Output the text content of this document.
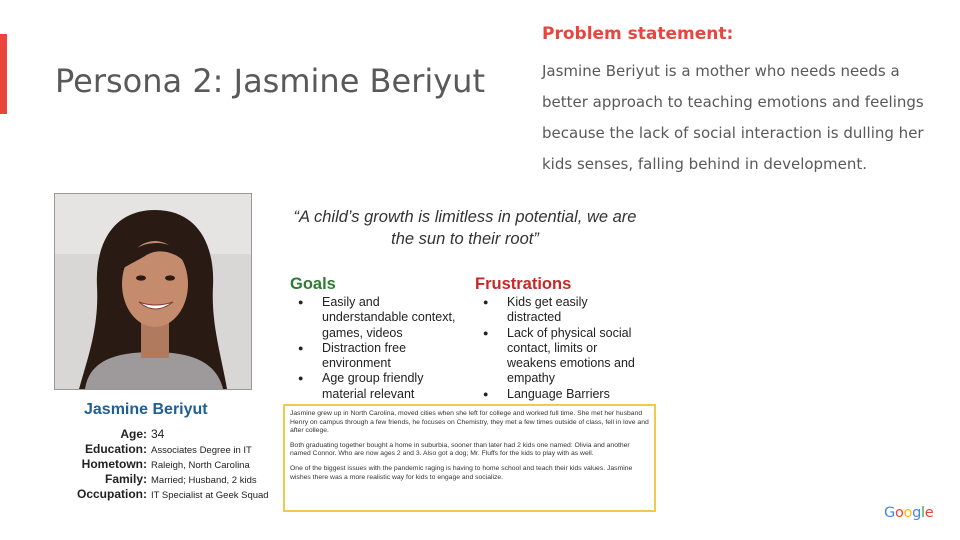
Persona 2: Jasmine Beriyut
Problem statement:
Jasmine Beriyut is a mother who needs needs a better approach to teaching emotions and feelings because the lack of social interaction is dulling her kids senses, falling behind in development.
Jasmine Beriyut
Age: 34
Education: Associates Degree in IT
Hometown: Raleigh, North Carolina
Family: Married; Husband, 2 kids
Occupation: IT Specialist at Geek Squad
“A child’s growth is limitless in potential, we are the sun to their root”
Goals
● Easily and understandable context, games, videos
● Distraction free environment
● Age group friendly material relevant
Frustrations
● Kids get easily distracted
● Lack of physical social contact, limits or weakens emotions and empathy
● Language Barriers

Jasmine grew up in North Carolina, moved cities when she left for college and worked full time. She met her husband Henry on campus through a few friends, he focuses on Chemistry, they met a few times outside of class, fell in love and after college.

Both graduating together bought a home in suburbia, sooner than later had 2 kids one named: Olivia and another named Connor. Who are now ages 2 and 3. Also got a dog; Mr. Fluffs for the kids to play with as well.

One of the biggest issues with the pandemic raging is having to home school and teach their kids values. Jasmine wishes there was a more realistic way for kids to engage and socialize.

Google
